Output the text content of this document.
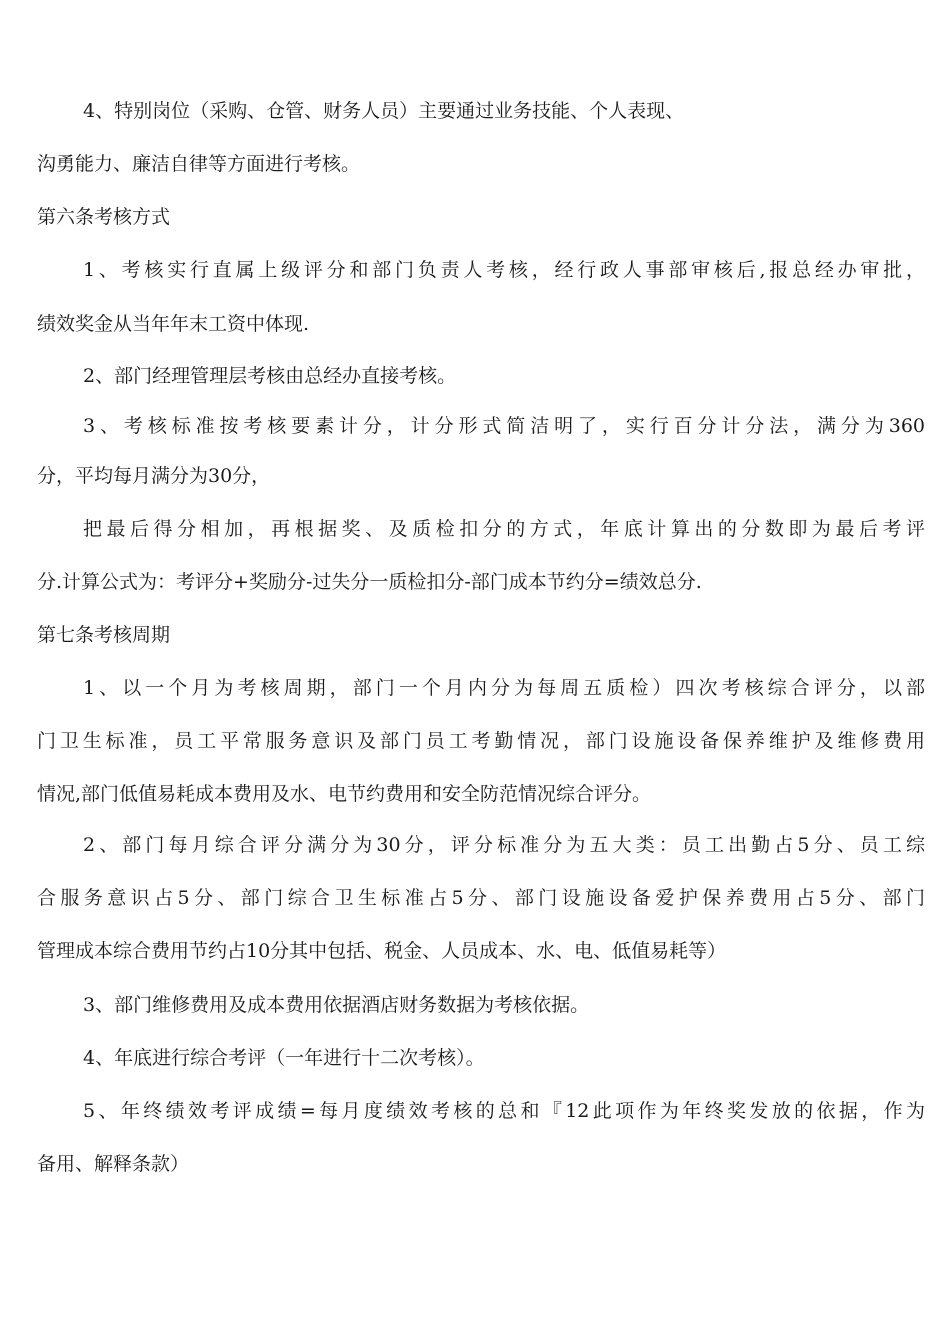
4、特别岗位（采购、仓管、财务人员）主要通过业务技能、个人表现、
沟勇能力、廉洁自律等方面进行考核。
第六条考核方式
1、考核实行直属上级评分和部门负责人考核，经行政人事部审核后,报总经办审批，
绩效奖金从当年年末工资中体现.
2、部门经理管理层考核由总经办直接考核。
3、考核标准按考核要素计分，计分形式简洁明了，实行百分计分法，满分为360
分，平均每月满分为30分，
把最后得分相加，再根据奖、及质检扣分的方式，年底计算出的分数即为最后考评
分.计算公式为：考评分+奖励分-过失分一质检扣分-部门成本节约分=绩效总分.
第七条考核周期
1、以一个月为考核周期，部门一个月内分为每周五质检）四次考核综合评分，以部
门卫生标准，员工平常服务意识及部门员工考勤情况，部门设施设备保养维护及维修费用
情况,部门低值易耗成本费用及水、电节约费用和安全防范情况综合评分。
2、部门每月综合评分满分为30分，评分标准分为五大类：员工出勤占5分、员工综
合服务意识占5分、部门综合卫生标准占5分、部门设施设备爱护保养费用占5分、部门
管理成本综合费用节约占10分其中包括、税金、人员成本、水、电、低值易耗等）
3、部门维修费用及成本费用依据酒店财务数据为考核依据。
4、年底进行综合考评（一年进行十二次考核）。
5、年终绩效考评成绩=每月度绩效考核的总和『12此项作为年终奖发放的依据，作为
备用、解释条款）
